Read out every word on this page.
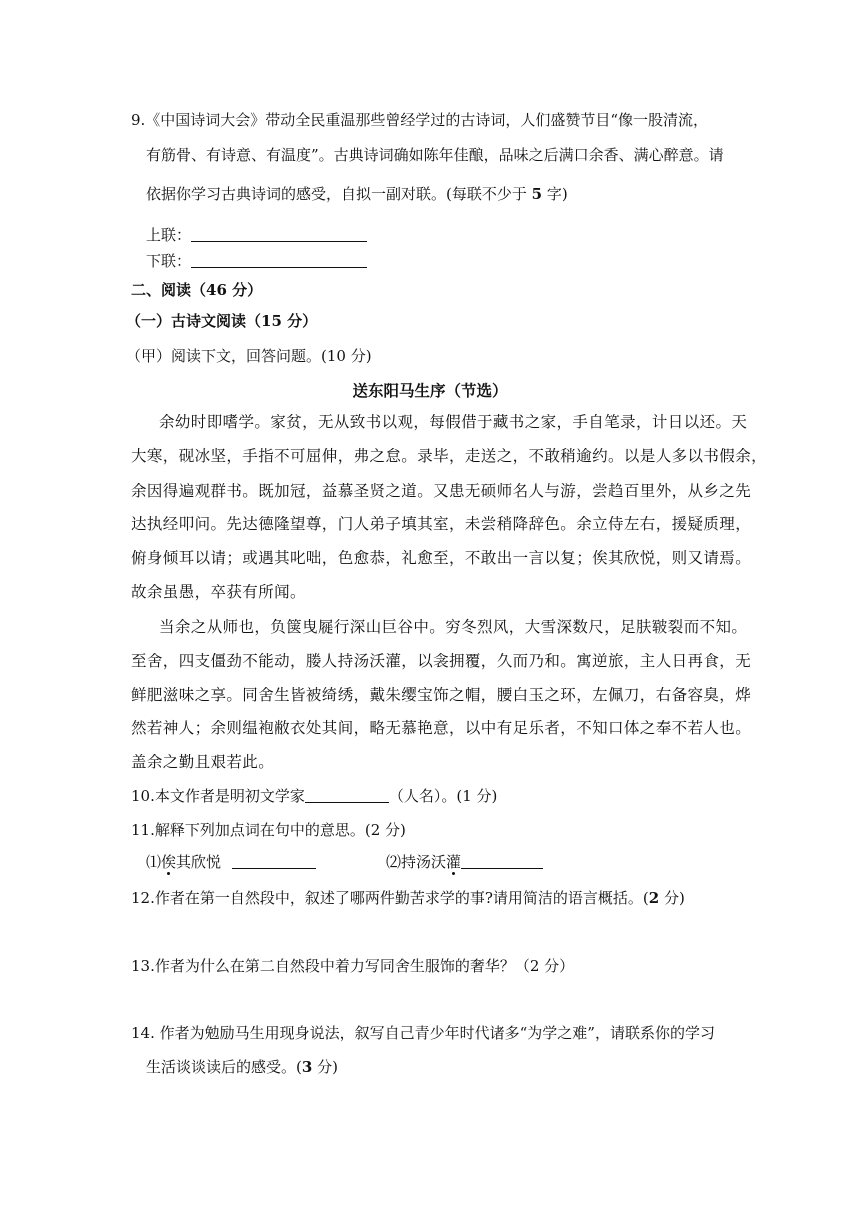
9.《中国诗词大会》带动全民重温那些曾经学过的古诗词，人们盛赞节目“像一股清流，
有筋骨、有诗意、有温度”。古典诗词确如陈年佳酿，品味之后满口余香、满心醉意。请
依据你学习古典诗词的感受，自拟一副对联。(每联不少于 5 字)
上联：
下联：
二、阅读（46 分）
（一）古诗文阅读（15 分）
（甲）阅读下文，回答问题。(10 分)
送东阳马生序（节选）
余幼时即嗜学。家贫，无从致书以观，每假借于藏书之家，手自笔录，计日以还。天
大寒，砚冰坚，手指不可屈伸，弗之怠。录毕，走送之，不敢稍逾约。以是人多以书假余，
余因得遍观群书。既加冠，益慕圣贤之道。又患无硕师名人与游，尝趋百里外，从乡之先
达执经叩问。先达德隆望尊，门人弟子填其室，未尝稍降辞色。余立侍左右，援疑质理，
俯身倾耳以请；或遇其叱咄，色愈恭，礼愈至，不敢出一言以复；俟其欣悦，则又请焉。
故余虽愚，卒获有所闻。
当余之从师也，负箧曳屣行深山巨谷中。穷冬烈风，大雪深数尺，足肤皲裂而不知。
至舍，四支僵劲不能动，媵人持汤沃灌，以衾拥覆，久而乃和。寓逆旅，主人日再食，无
鲜肥滋味之享。同舍生皆被绮绣，戴朱缨宝饰之帽，腰白玉之环，左佩刀，右备容臭，烨
然若神人；余则缊袍敝衣处其间，略无慕艳意，以中有足乐者，不知口体之奉不若人也。
盖余之勤且艰若此。
10.本文作者是明初文学家	（人名）。(1 分)
11.解释下列加点词在句中的意思。(2 分)
⑴俟其欣悦	⑵持汤沃灌
12.作者在第一自然段中，叙述了哪两件勤苦求学的事?请用简洁的语言概括。(2 分)
13.作者为什么在第二自然段中着力写同舍生服饰的奢华？（2 分）
14. 作者为勉励马生用现身说法，叙写自己青少年时代诸多“为学之难”，请联系你的学习
生活谈谈读后的感受。(3 分)
